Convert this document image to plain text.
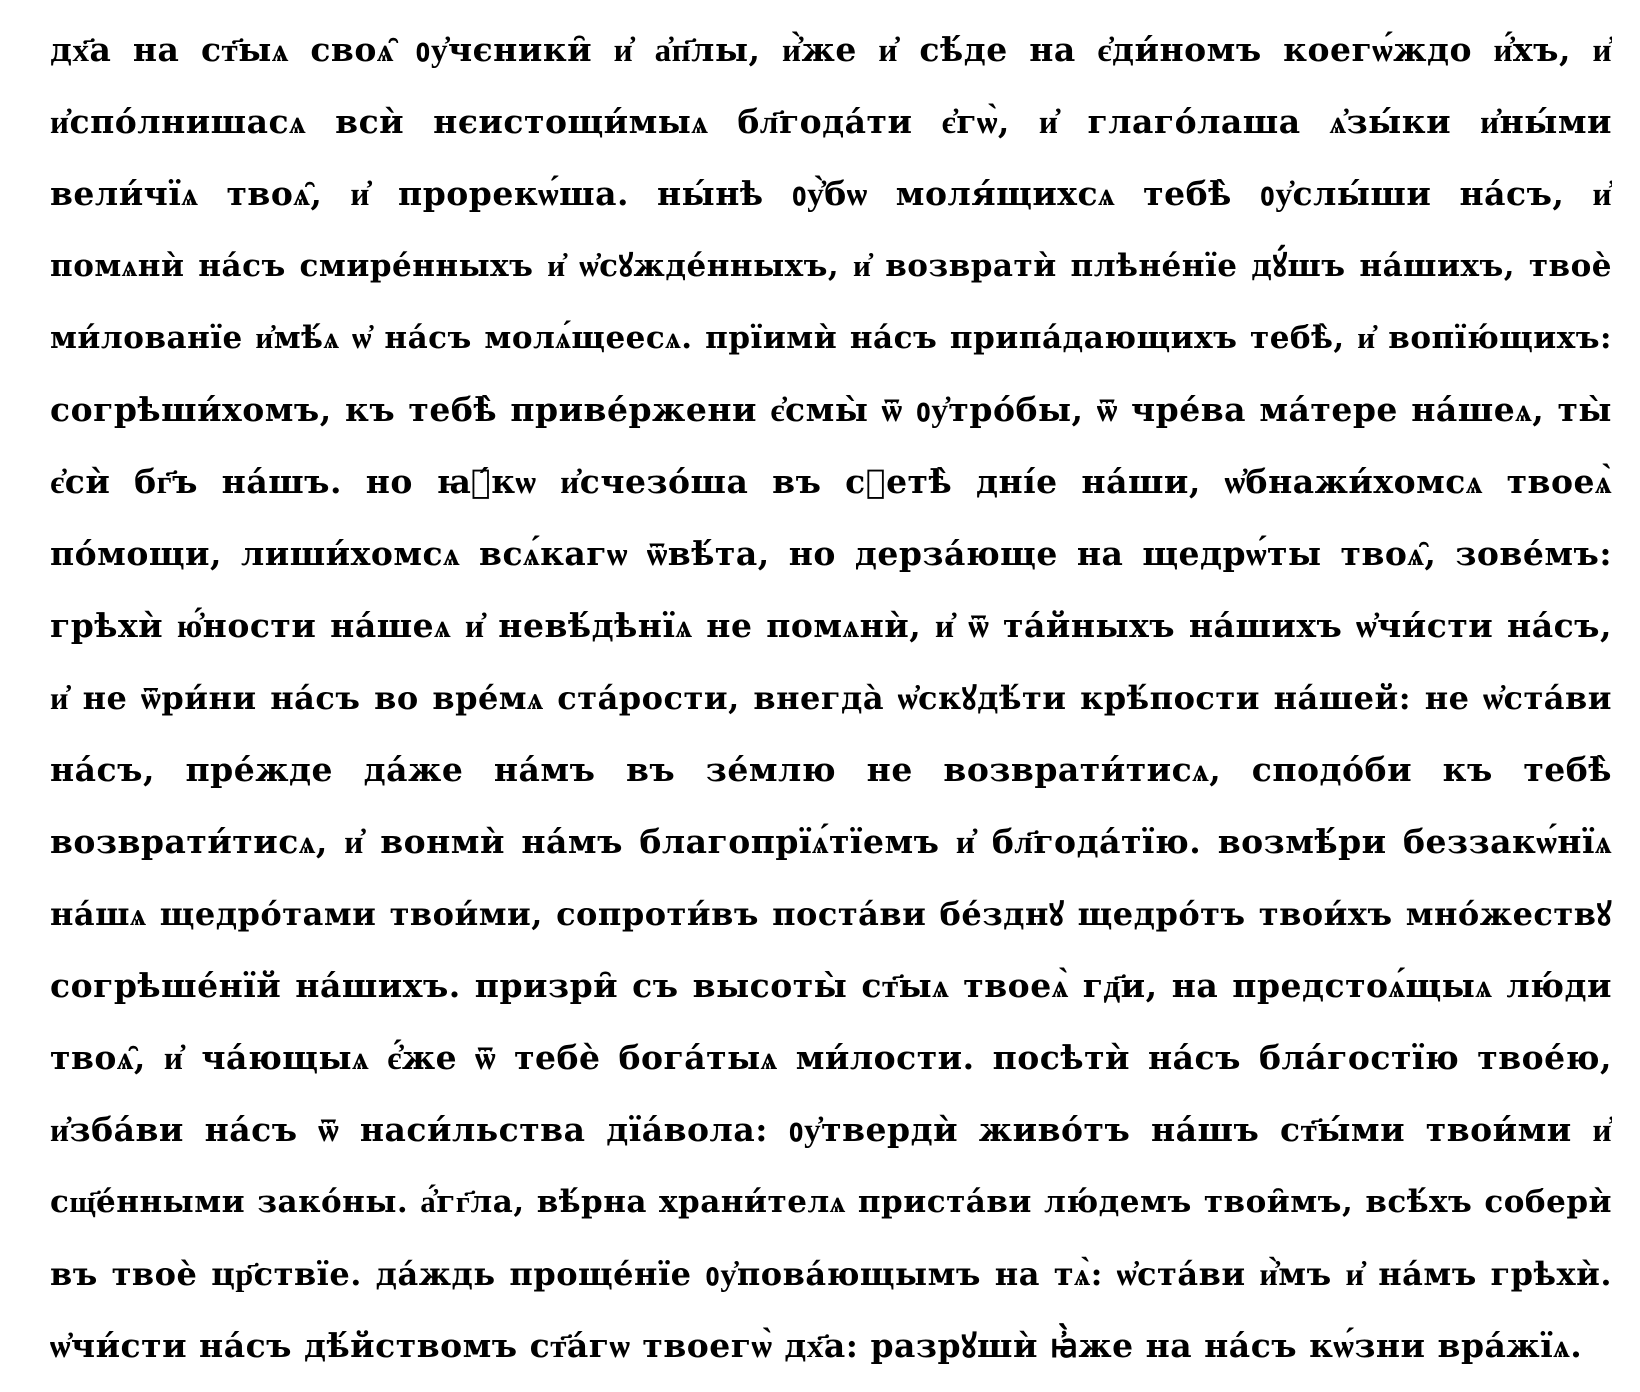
дх҃а на ст҃ыѧ своѧ̑ ᲂу҆чєники̑ и҆ а҆п҃лы, и҆̀же и҆ сѣ́де на є҆ди́номъ коегѡ́ждо и҆́хъ, и҆
и҆спо́лнишасѧ всѝ нєистощи́мыѧ бл҃года́ти є҆гѡ̀, и҆ глаго́лаша ѧ҆зы́ки и҆ны́ми
вели́чїѧ твоѧ̑, и҆ прорекѡ́ша. ны́нѣ ᲂу҆̀бѡ моля́щихсѧ тебѣ̀ ᲂу҆слы́ши на́съ, и҆
помѧнѝ на́съ смире́нныхъ и҆ ѡ҆сꙋжде́нныхъ, и҆ возвратѝ плѣне́нїе дꙋ́шъ на́шихъ, твоѐ
ми́лованїе и҆мѣ́ѧ ѡ҆ на́съ молѧ́щеесѧ. прїимѝ на́съ припа́дающихъ тебѣ̀, и҆ вопїю́щихъ:
согрѣши́хомъ, къ тебѣ̀ приве́ржени є҆смы̀ ѿ ᲂу҆тро́бы, ѿ чре́ва ма́тере на́шеѧ, ты̀
є҆сѝ бг҃ъ на́шъ. но ꙗ҆́кѡ и҆счезо́ша въ сꙋетѣ̀ дні́е на́ши, ѡ҆бнажи́хомсѧ твоеѧ̀
по́мощи, лиши́хомсѧ всѧ́кагѡ ѿвѣ́та, но дерза́юще на щедрѡ́ты твоѧ̑, зове́мъ:
грѣхѝ ю҆́ности на́шеѧ и҆ невѣ́дѣнїѧ не помѧнѝ, и҆ ѿ та́йныхъ на́шихъ ѡ҆чи́сти на́съ,
и҆ не ѿри́ни на́съ во вре́мѧ ста́рости, внегда̀ ѡ҆скꙋдѣ́ти крѣ́пости на́шей: не ѡ҆ста́ви
на́съ, пре́жде да́же на́мъ въ зе́млю не возврати́тисѧ, сподо́би къ тебѣ̀
возврати́тисѧ, и҆ вонмѝ на́мъ благопрїѧ́тїемъ и҆ бл҃года́тїю. возмѣ́ри беззакѡ́нїѧ
на́шѧ щедро́тами твои́ми, сопроти́въ поста́ви бе́зднꙋ щедро́тъ твои́хъ мно́жествꙋ
согрѣше́нїй на́шихъ. призри̑ съ высоты̀ ст҃ыѧ твоеѧ̀ гд҃и, на предстоѧ́щыѧ лю́ди
твоѧ̑, и҆ ча́ющыѧ є҆́же ѿ тебѐ бога́тыѧ ми́лости. посѣтѝ на́съ бла́гостїю твое́ю,
и҆зба́ви на́съ ѿ наси́льства дїа́вола: ᲂу҆твердѝ живо́тъ на́шъ ст҃ы́ми твои́ми и҆
сщ҃е́нными зако́ны. а҆́гг҃ла, вѣ́рна храни́телѧ приста́ви лю́демъ твои̑мъ, всѣ́хъ соберѝ
въ твоѐ цр҃ствїе. да́ждь проще́нїе ᲂу҆пова́ющымъ на тѧ̀: ѡ҆ста́ви и҆̀мъ и҆ на́мъ грѣхѝ.
ѡ҆чи́сти на́съ дѣ́йствомъ ст҃а́гѡ твоегѡ̀ дх҃а: разрꙋшѝ ꙗ҆̀же на на́съ кѡ́зни вра́жїѧ.
